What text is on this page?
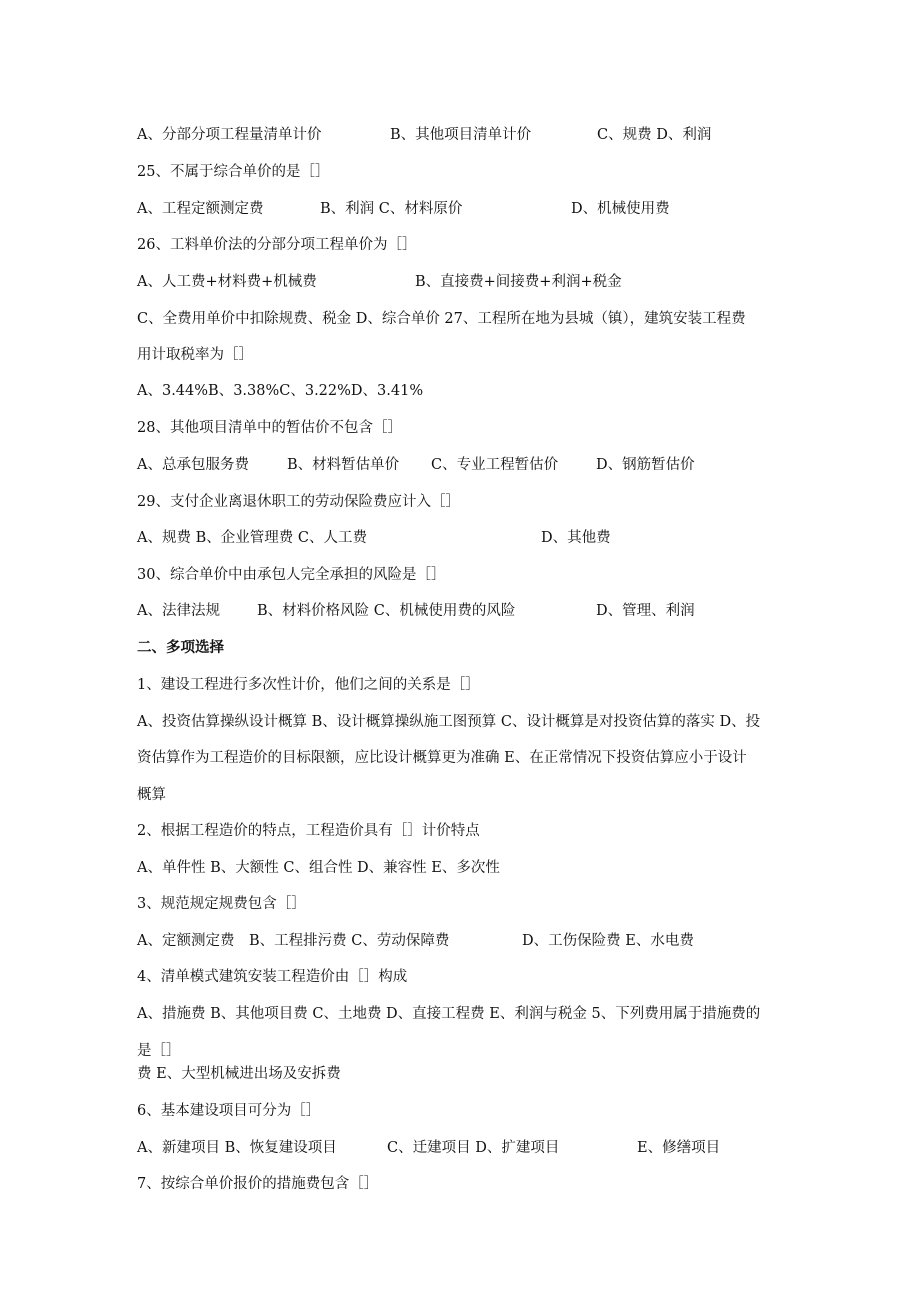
A、分部分项工程量清单计价

	B、其他项目清单计价

	C、规费 D、利润

25、不属于综合单价的是［］

A、工程定额测定费

	B、利润 C、材料原价

	D、机械使用费

26、工料单价法的分部分项工程单价为［］

A、人工费+材料费+机械费

	B、直接费+间接费+利润+税金

C、全费用单价中扣除规费、税金 D、综合单价 27、工程所在地为县城（镇），建筑安装工程费
用计取税率为［］
A、3.44%B、3.38%C、3.22%D、3.41%
28、其他项目清单中的暂估价不包含［］

A、总承包服务费

	B、材料暂估单价

C、专业工程暂估价

	D、钢筋暂估价

29、支付企业离退休职工的劳动保险费应计入［］

A、规费 B、企业管理费 C、人工费

	D、其他费

30、综合单价中由承包人完全承担的风险是［］

A、法律法规

	B、材料价格风险 C、机械使用费的风险

	D、管理、利润

二、多项选择
1、建设工程进行多次性计价，他们之间的关系是［］
A、投资估算操纵设计概算 B、设计概算操纵施工图预算 C、设计概算是对投资估算的落实 D、投
资估算作为工程造价的目标限额，应比设计概算更为准确 E、在正常情况下投资估算应小于设计
概算
2、根据工程造价的特点，工程造价具有［］计价特点
A、单件性 B、大额性 C、组合性 D、兼容性 E、多次性
3、规范规定规费包含［］

A、定额测定费　B、工程排污费 C、劳动保障费

	D、工伤保险费 E、水电费

4、清单模式建筑安装工程造价由［］构成
A、措施费 B、其他项目费 C、土地费 D、直接工程费 E、利润与税金 5、下列费用属于措施费的
是［］
费 E、大型机械进出场及安拆费
6、基本建设项目可分为［］

A、新建项目 B、恢复建设项目

	C、迁建项目 D、扩建项目

	E、修缮项目

7、按综合单价报价的措施费包含［］
